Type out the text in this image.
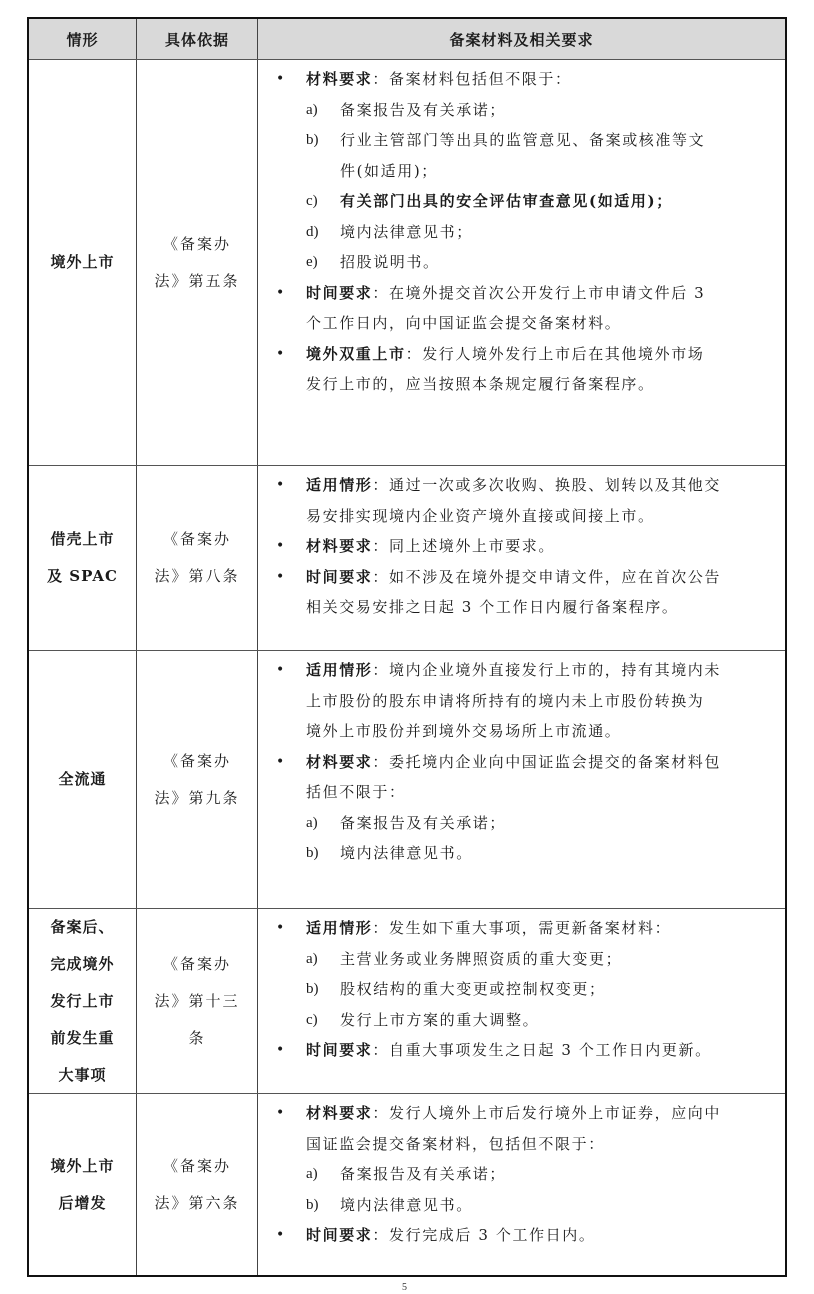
情形	具体依据	备案材料及相关要求
境外上市
《备案办
法》第五条
• 材料要求：备案材料包括但不限于：
a) 备案报告及有关承诺；
b) 行业主管部门等出具的监管意见、备案或核准等文
件(如适用)；
c) 有关部门出具的安全评估审查意见(如适用)；
d) 境内法律意见书；
e) 招股说明书。
• 时间要求：在境外提交首次公开发行上市申请文件后 3
个工作日内，向中国证监会提交备案材料。
• 境外双重上市：发行人境外发行上市后在其他境外市场
发行上市的，应当按照本条规定履行备案程序。
借壳上市
及 SPAC
《备案办
法》第八条
• 适用情形：通过一次或多次收购、换股、划转以及其他交
易安排实现境内企业资产境外直接或间接上市。
• 材料要求：同上述境外上市要求。
• 时间要求：如不涉及在境外提交申请文件，应在首次公告
相关交易安排之日起 3 个工作日内履行备案程序。
全流通
《备案办
法》第九条
• 适用情形：境内企业境外直接发行上市的，持有其境内未
上市股份的股东申请将所持有的境内未上市股份转换为
境外上市股份并到境外交易场所上市流通。
• 材料要求：委托境内企业向中国证监会提交的备案材料包
括但不限于：
a) 备案报告及有关承诺；
b) 境内法律意见书。
备案后、
完成境外
发行上市
前发生重
大事项
《备案办
法》第十三
条
• 适用情形：发生如下重大事项，需更新备案材料：
a) 主营业务或业务牌照资质的重大变更；
b) 股权结构的重大变更或控制权变更；
c) 发行上市方案的重大调整。
• 时间要求：自重大事项发生之日起 3 个工作日内更新。
境外上市
后增发
《备案办
法》第六条
• 材料要求：发行人境外上市后发行境外上市证券，应向中
国证监会提交备案材料，包括但不限于：
a) 备案报告及有关承诺；
b) 境内法律意见书。
• 时间要求：发行完成后 3 个工作日内。
5
